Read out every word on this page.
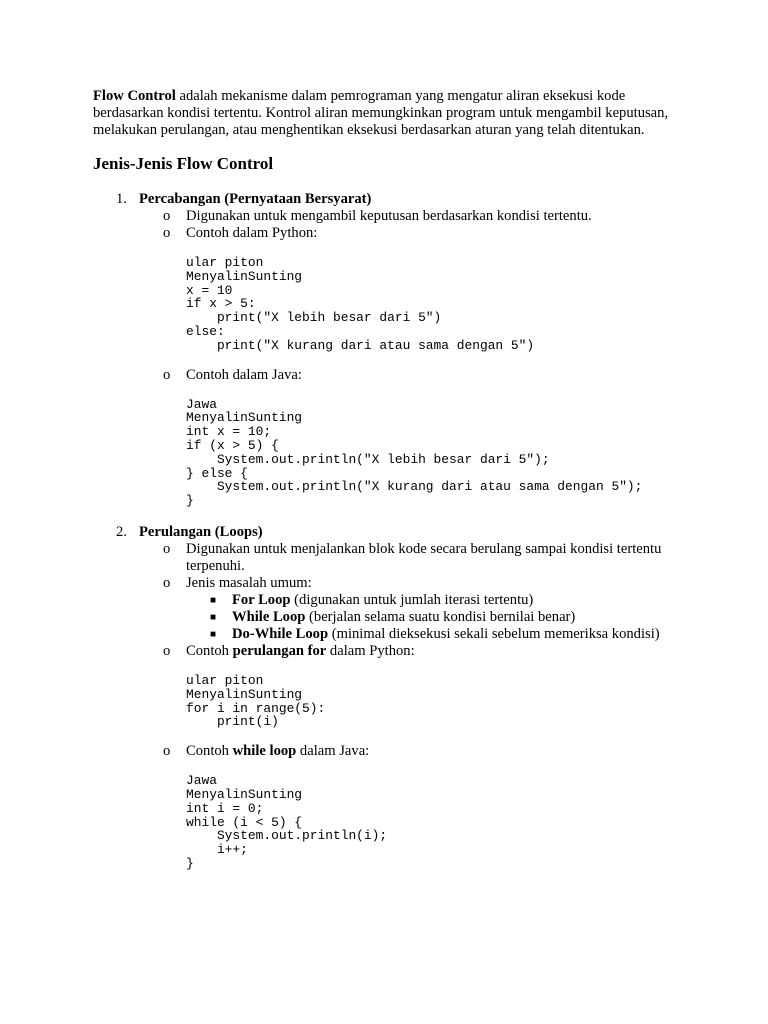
Flow Control adalah mekanisme dalam pemrograman yang mengatur aliran eksekusi kode berdasarkan kondisi tertentu. Kontrol aliran memungkinkan program untuk mengambil keputusan, melakukan perulangan, atau menghentikan eksekusi berdasarkan aturan yang telah ditentukan.

Jenis-Jenis Flow Control
1. Percabangan (Pernyataan Bersyarat)
o Digunakan untuk mengambil keputusan berdasarkan kondisi tertentu.
o Contoh dalam Python:
ular piton
MenyalinSunting
x = 10
if x > 5:
print("X lebih besar dari 5")
else:
print("X kurang dari atau sama dengan 5")
o Contoh dalam Java:
Jawa
MenyalinSunting
int x = 10;
if (x > 5) {
System.out.println("X lebih besar dari 5");
} else {
System.out.println("X kurang dari atau sama dengan 5");
}
2. Perulangan (Loops)
o Digunakan untuk menjalankan blok kode secara berulang sampai kondisi tertentu terpenuhi.
o Jenis masalah umum:
■ For Loop (digunakan untuk jumlah iterasi tertentu)
■ While Loop (berjalan selama suatu kondisi bernilai benar)
■ Do-While Loop (minimal dieksekusi sekali sebelum memeriksa kondisi)
o Contoh perulangan for dalam Python:
ular piton
MenyalinSunting
for i in range(5):
print(i)
o Contoh while loop dalam Java:
Jawa
MenyalinSunting
int i = 0;
while (i < 5) {
System.out.println(i);
i++;
}
